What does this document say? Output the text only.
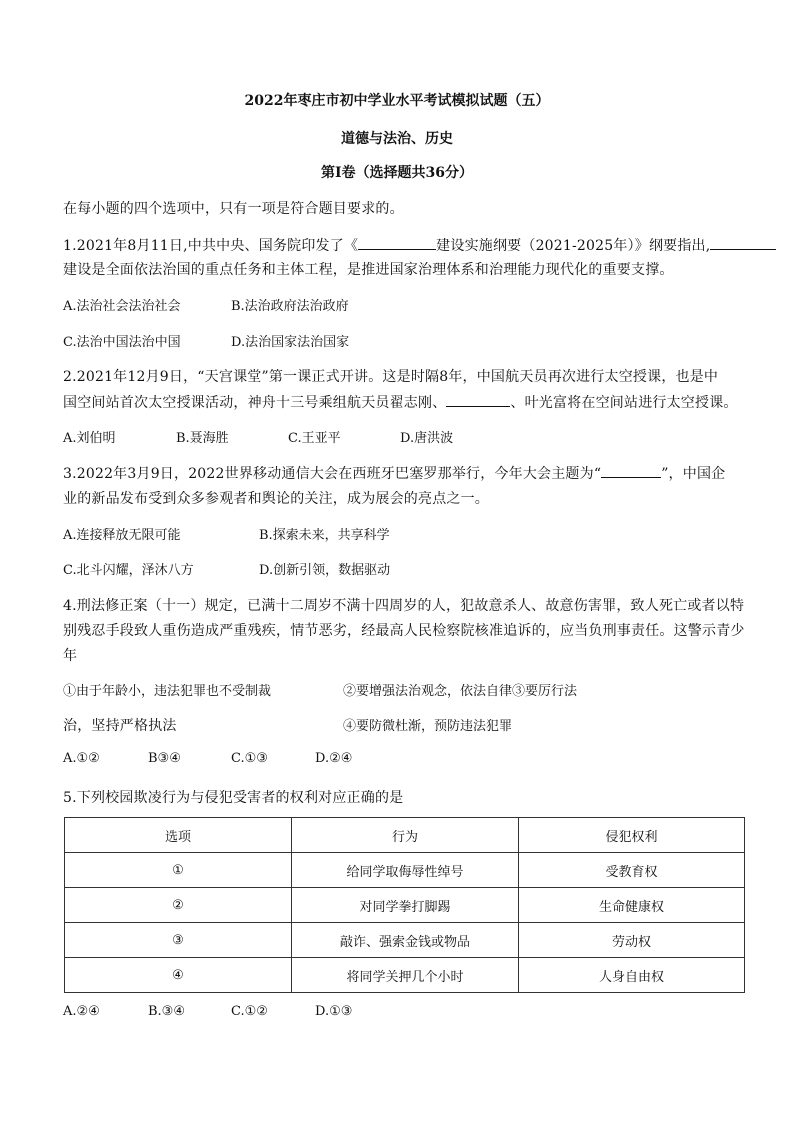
2022年枣庄市初中学业水平考试模拟试题（五）
道德与法治、历史
第Ⅰ卷（选择题共36分）
在每小题的四个选项中，只有一项是符合题目要求的。
1.2021年8月11日,中共中央、国务院印发了《	建设实施纲要（2021-2025年）》纲要指出,
建设是全面依法治国的重点任务和主体工程，是推进国家治理体系和治理能力现代化的重要支撑。
A.法治社会法治社会	B.法治政府法治政府
C.法治中国法治中国	D.法治国家法治国家
2.2021年12月9日，“天宫课堂”第一课正式开讲。这是时隔8年，中国航天员再次进行太空授课，也是中
国空间站首次太空授课活动，神舟十三号乘组航天员翟志刚、	、叶光富将在空间站进行太空授课。
A.刘伯明	B.聂海胜	C.王亚平	D.唐洪波
3.2022年3月9日，2022世界移动通信大会在西班牙巴塞罗那举行，今年大会主题为“	”，中国企
业的新品发布受到众多参观者和舆论的关注，成为展会的亮点之一。
A.连接释放无限可能	B.探索未来，共享科学
C.北斗闪耀，泽沐八方	D.创新引领，数据驱动
4.刑法修正案（十一）规定，已满十二周岁不满十四周岁的人，犯故意杀人、故意伤害罪，致人死亡或者以特
别残忍手段致人重伤造成严重残疾，情节恶劣，经最高人民检察院核准追诉的，应当负刑事责任。这警示青少
年
①由于年龄小，违法犯罪也不受制裁	②要增强法治观念，依法自律③要厉行法
治，坚持严格执法	④要防微杜渐，预防违法犯罪
A.①②	B③④	C.①③	D.②④
5.下列校园欺凌行为与侵犯受害者的权利对应正确的是
选项	行为	侵犯权利
①	给同学取侮辱性绰号	受教育权
②	对同学拳打脚踢	生命健康权
③	敲诈、强索金钱或物品	劳动权
④	将同学关押几个小时	人身自由权
A.②④	B.③④	C.①②	D.①③
